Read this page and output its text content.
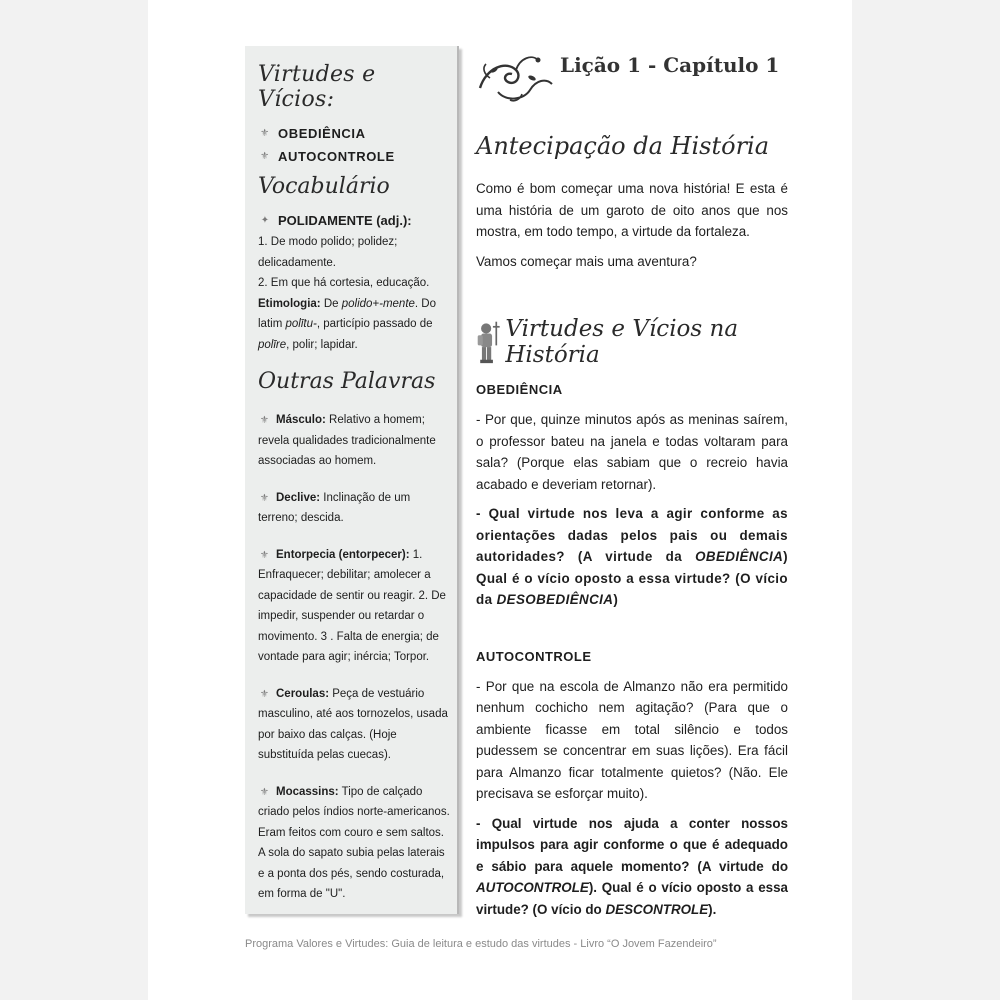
Virtudes e Vícios:
⚜ OBEDIÊNCIA
⚜ AUTOCONTROLE
Vocabulário
✦ POLIDAMENTE (adj.):

1. De modo polido; polidez; delicadamente.

2. Em que há cortesia, educação.

Etimologia: De polido+-mente. Do latim polītu-, particípio passado de polīre, polir; lapidar.

Outras Palavras

⚜ Másculo: Relativo a homem; revela qualidades tradicionalmente associadas ao homem.

⚜ Declive: Inclinação de um terreno; descida.

⚜ Entorpecia (entorpecer): 1. Enfraquecer; debilitar; amolecer a capacidade de sentir ou reagir. 2. De impedir, suspender ou retardar o movimento. 3 . Falta de energia; de vontade para agir; inércia; Torpor.

⚜ Ceroulas: Peça de vestuário masculino, até aos tornozelos, usada por baixo das calças. (Hoje substituída pelas cuecas).

⚜ Mocassins: Tipo de calçado criado pelos índios norte-americanos. Eram feitos com couro e sem saltos. A sola do sapato subia pelas laterais e a ponta dos pés, sendo costurada, em forma de "U".

Lição 1 - Capítulo 1
Antecipação da História

Como é bom começar uma nova história! E esta é uma história de um garoto de oito anos que nos mostra, em todo tempo, a virtude da fortaleza.

Vamos começar mais uma aventura?

Virtudes e Vícios na História

OBEDIÊNCIA

- Por que, quinze minutos após as meninas saírem, o professor bateu na janela e todas voltaram para sala? (Porque elas sabiam que o recreio havia acabado e deveriam retornar).

- Qual virtude nos leva a agir conforme as orientações dadas pelos pais ou demais autoridades? (A virtude da OBEDIÊNCIA) Qual é o vício oposto a essa virtude? (O vício da DESOBEDIÊNCIA)

AUTOCONTROLE

- Por que na escola de Almanzo não era permitido nenhum cochicho nem agitação? (Para que o ambiente ficasse em total silêncio e todos pudessem se concentrar em suas lições). Era fácil para Almanzo ficar totalmente quietos? (Não. Ele precisava se esforçar muito).

- Qual virtude nos ajuda a conter nossos impulsos para agir conforme o que é adequado e sábio para aquele momento? (A virtude do AUTOCONTROLE). Qual é o vício oposto a essa virtude? (O vício do DESCONTROLE).

Programa Valores e Virtudes: Guia de leitura e estudo das virtudes - Livro “O Jovem Fazendeiro”
